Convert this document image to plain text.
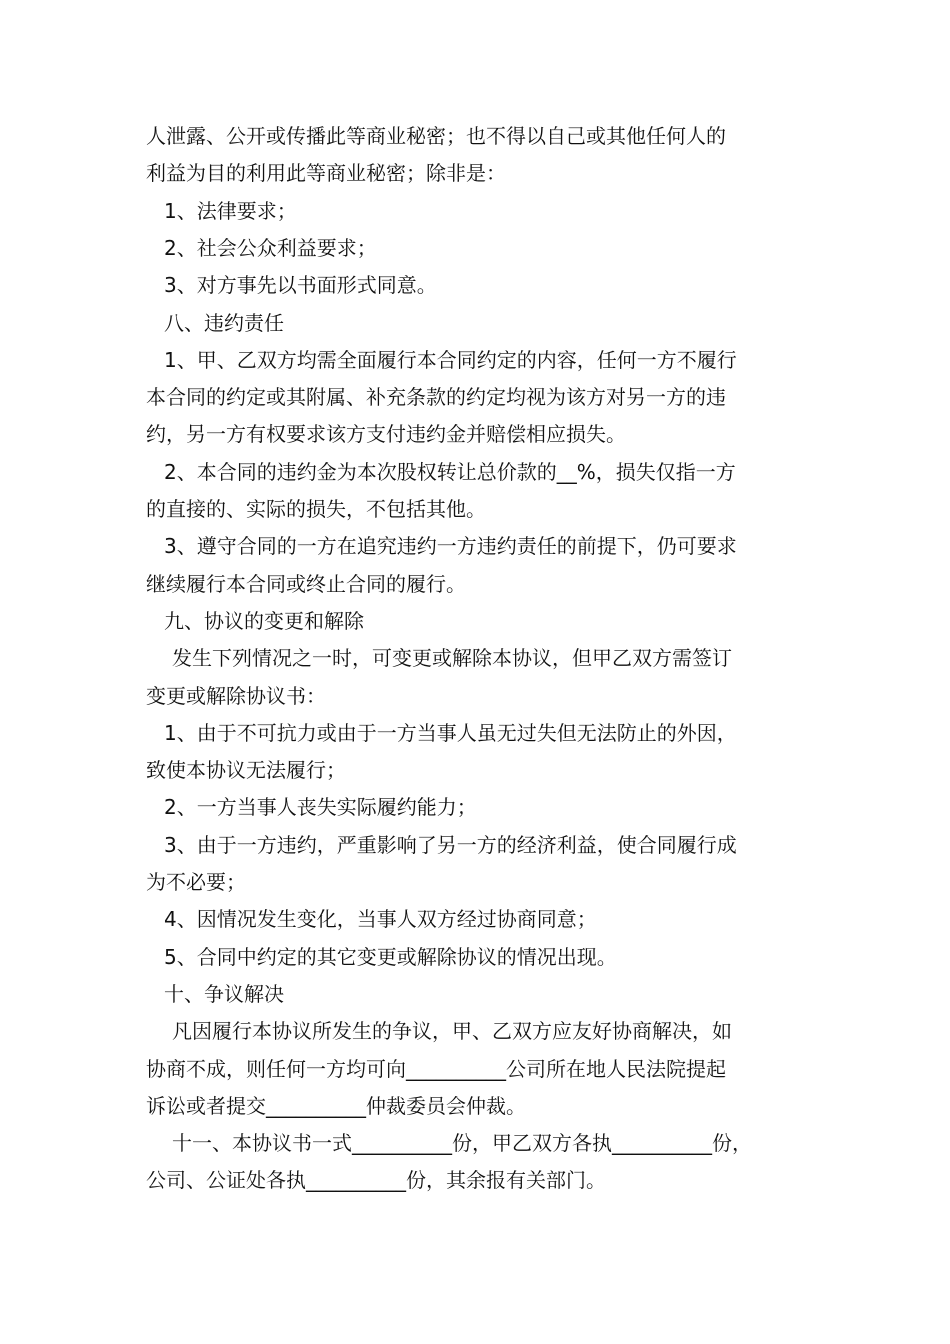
人泄露、公开或传播此等商业秘密；也不得以自己或其他任何人的
利益为目的利用此等商业秘密；除非是：
1、法律要求；
2、社会公众利益要求；
3、对方事先以书面形式同意。
八、违约责任
1、甲、乙双方均需全面履行本合同约定的内容，任何一方不履行
本合同的约定或其附属、补充条款的约定均视为该方对另一方的违
约，另一方有权要求该方支付违约金并赔偿相应损失。
2、本合同的违约金为本次股权转让总价款的__%，损失仅指一方
的直接的、实际的损失，不包括其他。
3、遵守合同的一方在追究违约一方违约责任的前提下，仍可要求
继续履行本合同或终止合同的履行。
九、协议的变更和解除
发生下列情况之一时，可变更或解除本协议，但甲乙双方需签订
变更或解除协议书：
1、由于不可抗力或由于一方当事人虽无过失但无法防止的外因，
致使本协议无法履行；
2、一方当事人丧失实际履约能力；
3、由于一方违约，严重影响了另一方的经济利益，使合同履行成
为不必要；
4、因情况发生变化，当事人双方经过协商同意；
5、合同中约定的其它变更或解除协议的情况出现。
十、争议解决
凡因履行本协议所发生的争议，甲、乙双方应友好协商解决，如
协商不成，则任何一方均可向__________公司所在地人民法院提起
诉讼或者提交__________仲裁委员会仲裁。
十一、本协议书一式__________份，甲乙双方各执__________份，
公司、公证处各执__________份，其余报有关部门。
